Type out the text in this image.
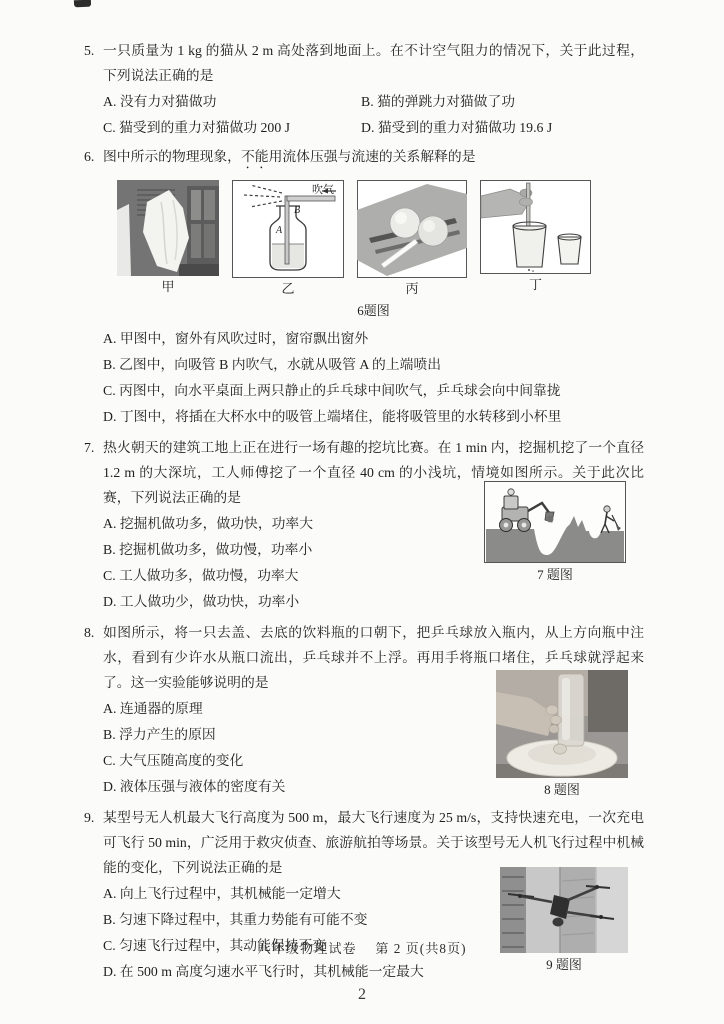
5. 一只质量为 1 kg 的猫从 2 m 高处落到地面上。在不计空气阻力的情况下，关于此过程，下列说法正确的是
A. 没有力对猫做功	B. 猫的弹跳力对猫做了功
C. 猫受到的重力对猫做功 200 J	D. 猫受到的重力对猫做功 19.6 J
6. 图中所示的物理现象，不能用流体压强与流速的关系解释的是
甲
吹气
B
A
乙	丙	丁
6题图
A. 甲图中，窗外有风吹过时，窗帘飘出窗外
B. 乙图中，向吸管 B 内吹气，水就从吸管 A 的上端喷出
C. 丙图中，向水平桌面上两只静止的乒乓球中间吹气，乒乓球会向中间靠拢
D. 丁图中，将插在大杯水中的吸管上端堵住，能将吸管里的水转移到小杯里
7. 热火朝天的建筑工地上正在进行一场有趣的挖坑比赛。在 1 min 内，挖掘机挖了一个直径 1.2 m 的大深坑，工人师傅挖了一个直径 40 cm 的小浅坑，情境如图所示。关于此次比赛，下列说法正确的是
A. 挖掘机做功多，做功快，功率大
B. 挖掘机做功多，做功慢，功率小
C. 工人做功多，做功慢，功率大
D. 工人做功少，做功快，功率小
7 题图
8. 如图所示，将一只去盖、去底的饮料瓶的口朝下，把乒乓球放入瓶内，从上方向瓶中注水，看到有少许水从瓶口流出，乒乓球并不上浮。再用手将瓶口堵住，乒乓球就浮起来了。这一实验能够说明的是
A. 连通器的原理
B. 浮力产生的原因
C. 大气压随高度的变化
D. 液体压强与液体的密度有关	8 题图
9. 某型号无人机最大飞行高度为 500 m，最大飞行速度为 25 m/s，支持快速充电，一次充电可飞行 50 min，广泛用于救灾侦查、旅游航拍等场景。关于该型号无人机飞行过程中机械能的变化，下列说法正确的是
A. 向上飞行过程中，其机械能一定增大
B. 匀速下降过程中，其重力势能有可能不变
C. 匀速飞行过程中，其动能保持不变
D. 在 500 m 高度匀速水平飞行时，其机械能一定最大	9 题图
八年级物理试卷　 第 2 页(共8页)
2
